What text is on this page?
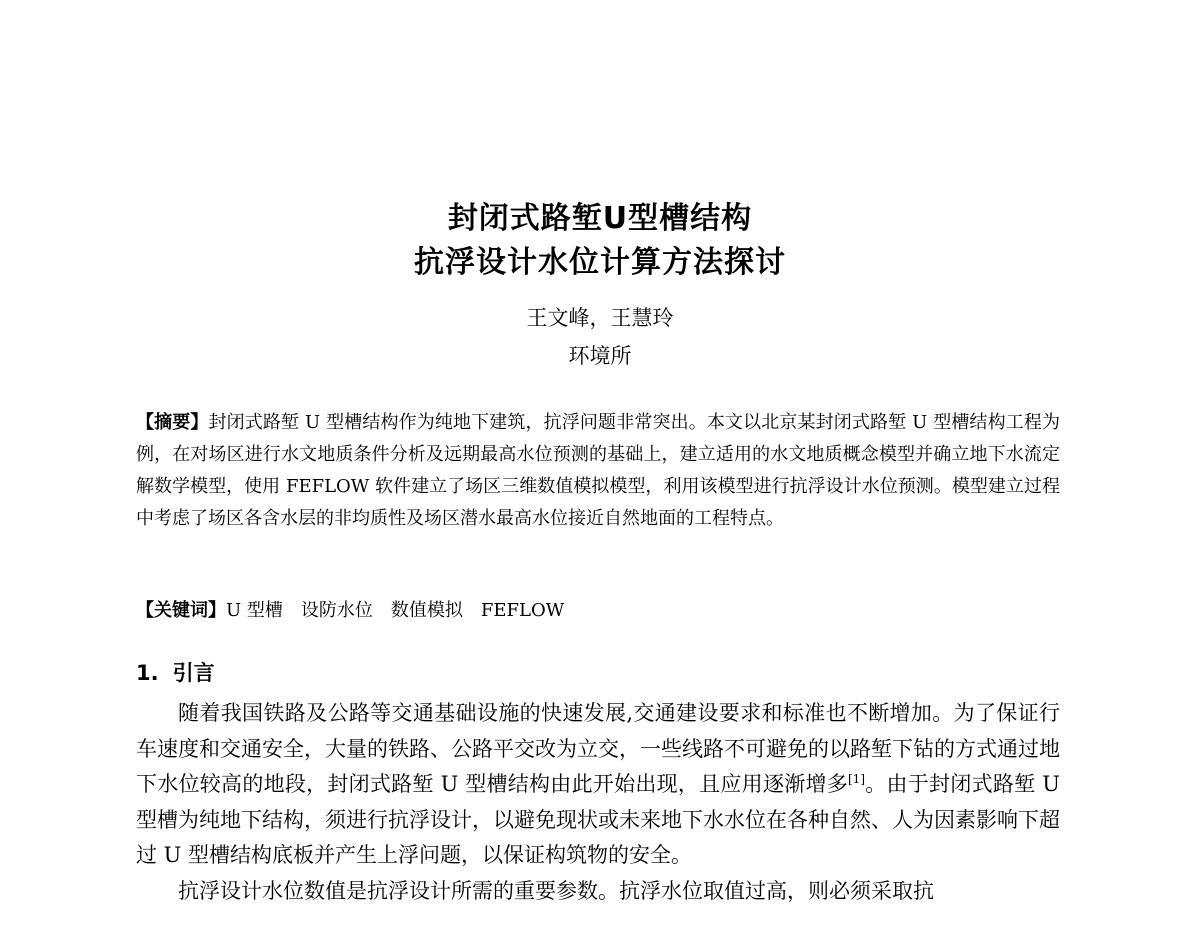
封闭式路堑U型槽结构
抗浮设计水位计算方法探讨
王文峰，王慧玲
环境所

【摘要】封闭式路堑 U 型槽结构作为纯地下建筑，抗浮问题非常突出。本文以北京某封闭式路堑 U 型槽结构工程为例，在对场区进行水文地质条件分析及远期最高水位预测的基础上，建立适用的水文地质概念模型并确立地下水流定解数学模型，使用 FEFLOW 软件建立了场区三维数值模拟模型，利用该模型进行抗浮设计水位预测。模型建立过程中考虑了场区各含水层的非均质性及场区潜水最高水位接近自然地面的工程特点。

【关键词】U 型槽 设防水位 数值模拟 FEFLOW
1. 引言

随着我国铁路及公路等交通基础设施的快速发展,交通建设要求和标准也不断增加。为了保证行车速度和交通安全，大量的铁路、公路平交改为立交，一些线路不可避免的以路堑下钻的方式通过地下水位较高的地段，封闭式路堑 U 型槽结构由此开始出现，且应用逐渐增多[1]。由于封闭式路堑 U 型槽为纯地下结构，须进行抗浮设计，以避免现状或未来地下水水位在各种自然、人为因素影响下超过 U 型槽结构底板并产生上浮问题，以保证构筑物的安全。

抗浮设计水位数值是抗浮设计所需的重要参数。抗浮水位取值过高，则必须采取抗
